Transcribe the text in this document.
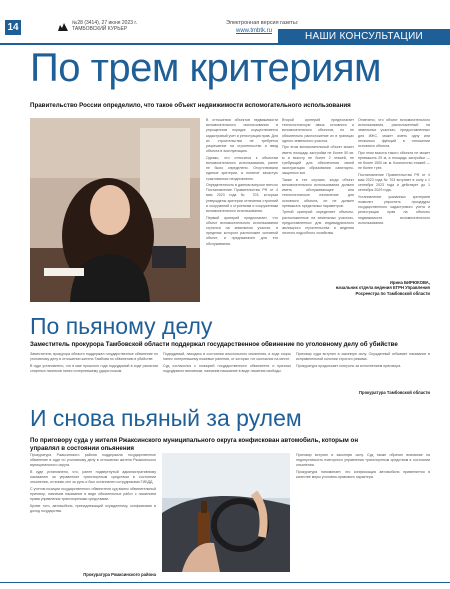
14	№28 (3414), 27 июня 2023 г.
ТАМБОВСКИЙ КУРЬЕР
Электронная версия газеты:
www.tmbtk.ru	НАШИ КОНСУЛЬТАЦИИ
По трем критериям
Правительство России определило, что такое объект недвижимости вспомогательного использования

В отношении объектов недвижимости вспомогательного использования в упрощенном порядке осуществляется кадастровый учет и регистрация прав. Для их строительства не требуется разрешение на строительство и ввод объекта в эксплуатацию.

Однако, что относится к объектам вспомогательного использования, ранее не было определено. Отсутствовали единые критерии, а понятие зачастую трактовалось неоднозначно.

Определенность в данном вопросе внесло Постановление Правительства РФ от 4 мая 2023 года № 703, которым утверждены критерии отнесения строений и сооружений к строениям и сооружениям вспомогательного использования.

Первый критерий предполагает, что объект вспомогательного использования строится на земельном участке, в пределах которого расположен основной объект, и предназначен для его обслуживания.

Второй критерий предполагает технологическую связь основного и вспомогательного объектов, но не обязательно расположение их в границах одного земельного участка.

При этом вспомогательный объект может иметь площадь застройки не более 50 кв. м и высоту не более 2 этажей, не требующий для обеспечения своей эксплуатации образования санитарно-защитных зон.

Также в тех случаях, когда объект вспомогательного использования должен иметь обслуживающее или технологическое назначение для основного объекта, он не должен превышать предельных параметров.

Третий критерий определяет объекты, расположенные на земельных участках, предоставленных для индивидуального жилищного строительства и ведения личного подсобного хозяйства.

Отмечено, что объект вспомогательного использования, расположенный на земельных участках, предоставленных для ИЖС, может иметь одну или несколько функций в отношении основного объекта.

При этом высота такого объекта не может превышать 20 м, а площадь застройки — не более 1500 кв. м. Количество этажей — не более трех.

Постановление Правительства РФ от 4 мая 2023 года № 703 вступает в силу с 1 сентября 2023 года и действует до 1 сентября 2029 года.

Установление указанных критериев позволит упростить процедуры государственного кадастрового учета и регистрации прав на объекты недвижимости вспомогательного использования.

Ирина БИРЮКОВА,
начальник отдела ведения ЕГРН Управления
Росреестра по Тамбовской области
По пьяному делу
Заместитель прокурора Тамбовской области поддержал государственное обвинение по уголовному делу об убийстве

Заместитель прокурора области поддержал государственное обвинение по уголовному делу в отношении жителя Тамбова по обвинению в убийстве.

В суде установлено, что в мае прошлого года подсудимый в ходе распития спиртных напитков нанес потерпевшему удары ножом.

Подсудимый, находясь в состоянии алкогольного опьянения, в ходе ссоры нанес потерпевшему ножевые ранения, от которых тот скончался на месте.

Суд согласился с позицией государственного обвинителя и признал подсудимого виновным, назначив наказание в виде лишения свободы.

Приговор суда вступил в законную силу. Осужденный отбывает наказание в исправительной колонии строгого режима.

Прокуратура продолжает контроль за исполнением приговора.

Прокуратура Тамбовской области
И снова пьяный за рулем
По приговору суда у жителя Ржаксинского муниципального округа конфискован автомобиль, которым он управлял в состоянии опьянения

Прокуратура Ржаксинского района поддержала государственное обвинение в суде по уголовному делу в отношении жителя Ржаксинского муниципального округа.

В суде установлено, что, ранее подвергнутый административному наказанию за управление транспортным средством в состоянии опьянения, он вновь сел за руль и был остановлен сотрудниками ГИБДД.

С учетом позиции государственного обвинителя суд вынес обвинительный приговор, назначив наказание в виде обязательных работ с лишением права управления транспортными средствами.

Кроме того, автомобиль, принадлежащий осужденному, конфискован в доход государства.

Приговор вступил в законную силу. Суд также обратил внимание на недопустимость повторного управления транспортным средством в состоянии опьянения.

Прокуратура напоминает, что конфискация автомобиля применяется в качестве меры уголовно-правового характера.

Прокуратура Ржаксинского района
